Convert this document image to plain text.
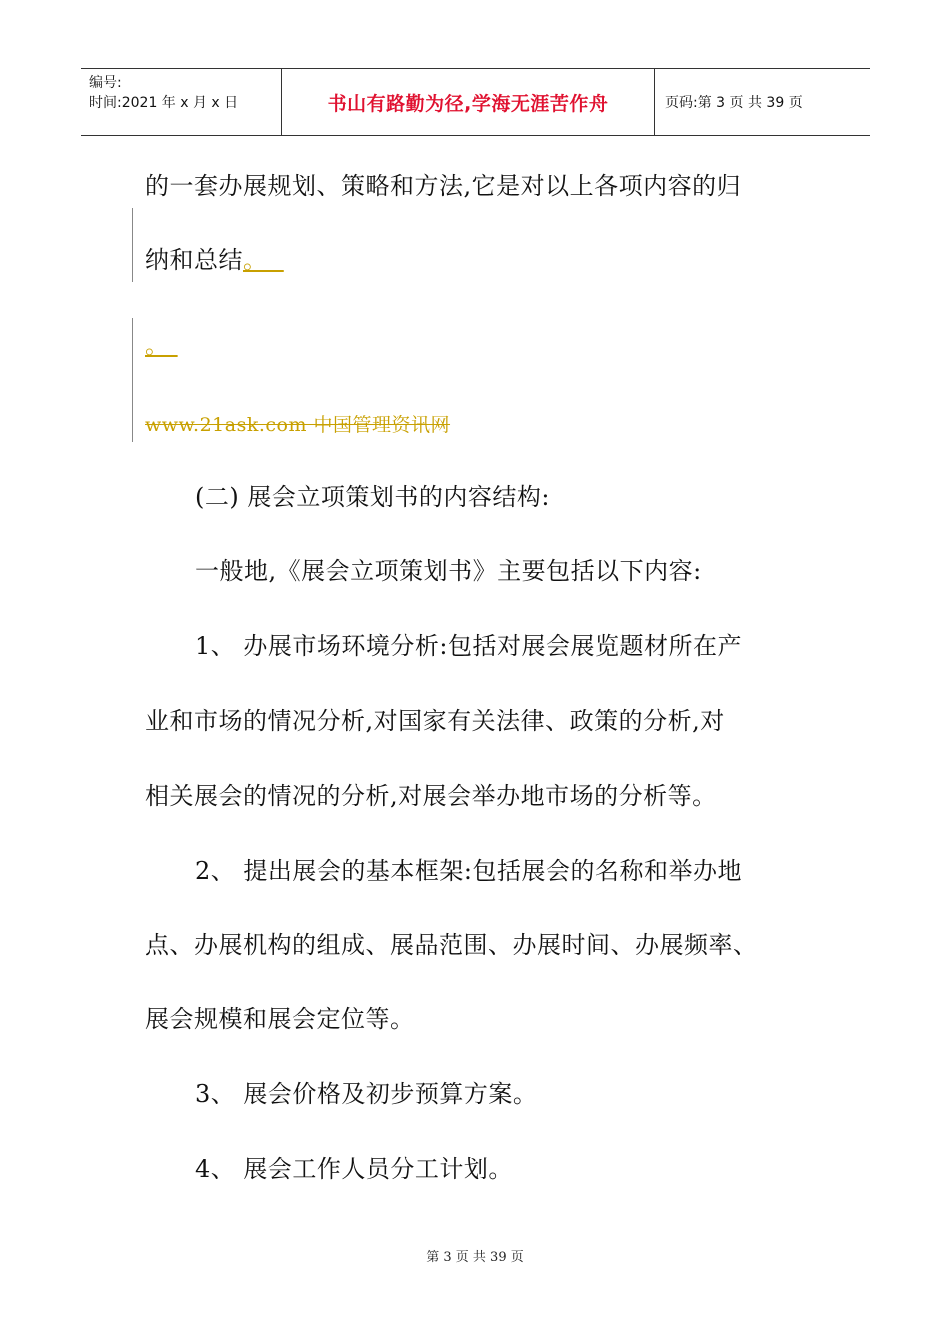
编号:
时间:2021 年 x 月 x 日	书山有路勤为径,学海无涯苦作舟	页码:第 3 页 共 39 页
的一套办展规划、策略和方法,它是对以上各项内容的归
纳和总结。
。
www.21ask.com 中国管理资讯网
(二) 展会立项策划书的内容结构:
一般地,《展会立项策划书》主要包括以下内容:
1、 办展市场环境分析:包括对展会展览题材所在产
业和市场的情况分析,对国家有关法律、政策的分析,对
相关展会的情况的分析,对展会举办地市场的分析等。
2、 提出展会的基本框架:包括展会的名称和举办地
点、办展机构的组成、展品范围、办展时间、办展频率、
展会规模和展会定位等。
3、 展会价格及初步预算方案。
4、 展会工作人员分工计划。
第 3 页 共 39 页
